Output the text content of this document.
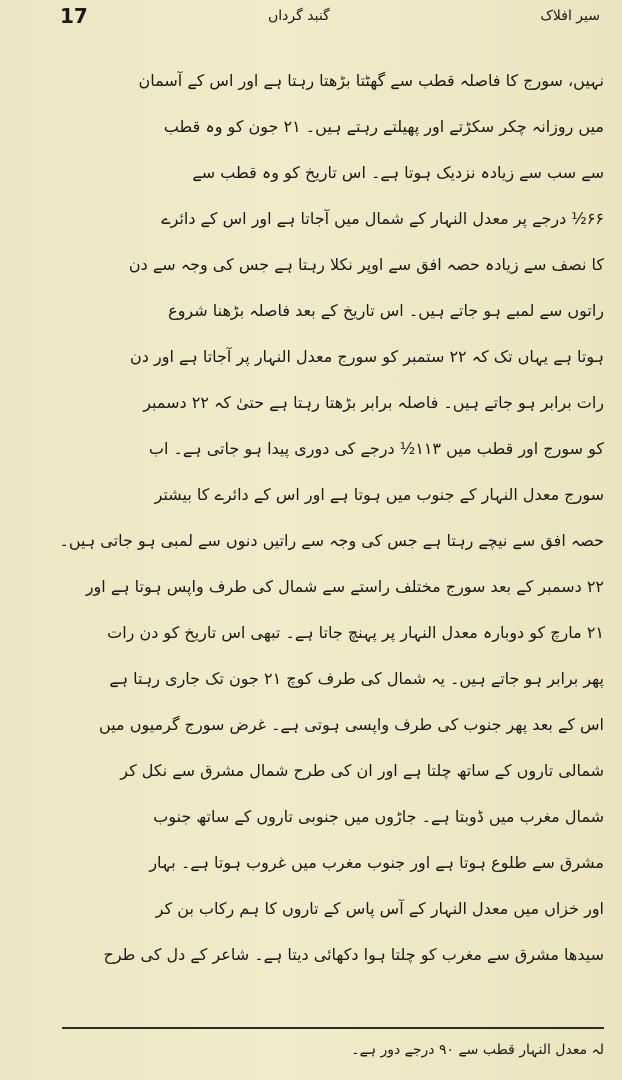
17	گنبد گرداں	سیر افلاک
نہیں، سورج کا فاصلہ قطب سے گھٹتا بڑھتا رہتا ہے اور اس کے آسمان
میں روزانہ چکر سکڑتے اور پھیلتے رہتے ہیں۔ ۲۱ جون کو وہ قطب
سے سب سے زیادہ نزدیک ہوتا ہے۔ اس تاریخ کو وہ قطب سے
۶۶½ درجے پر معدل النہار کے شمال میں آجاتا ہے اور اس کے دائرے
کا نصف سے زیادہ حصہ افق سے اوپر نکلا رہتا ہے جس کی وجہ سے دن
راتوں سے لمبے ہو جاتے ہیں۔ اس تاریخ کے بعد فاصلہ بڑھنا شروع
ہوتا ہے یہاں تک کہ ۲۲ ستمبر کو سورج معدل النہار پر آجاتا ہے اور دن
رات برابر ہو جاتے ہیں۔ فاصلہ برابر بڑھتا رہتا ہے حتیٰ کہ ۲۲ دسمبر
کو سورج اور قطب میں ۱۱۳½ درجے کی دوری پیدا ہو جاتی ہے۔ اب
سورج معدل النہار کے جنوب میں ہوتا ہے اور اس کے دائرے کا بیشتر
حصہ افق سے نیچے رہتا ہے جس کی وجہ سے راتیں دنوں سے لمبی ہو جاتی ہیں۔
۲۲ دسمبر کے بعد سورج مختلف راستے سے شمال کی طرف واپس ہوتا ہے اور
۲۱ مارچ کو دوبارہ معدل النہار پر پہنچ جاتا ہے۔ تبھی اس تاریخ کو دن رات
پھر برابر ہو جاتے ہیں۔ یہ شمال کی طرف کوچ ۲۱ جون تک جاری رہتا ہے
اس کے بعد پھر جنوب کی طرف واپسی ہوتی ہے۔ غرض سورج گرمیوں میں
شمالی تاروں کے ساتھ چلتا ہے اور ان کی طرح شمال مشرق سے نکل کر
شمال مغرب میں ڈوبتا ہے۔ جاڑوں میں جنوبی تاروں کے ساتھ جنوب
مشرق سے طلوع ہوتا ہے اور جنوب مغرب میں غروب ہوتا ہے۔ بہار
اور خزاں میں معدل النہار کے آس پاس کے تاروں کا ہم رکاب بن کر
سیدھا مشرق سے مغرب کو چلتا ہوا دکھائی دیتا ہے۔ شاعر کے دل کی طرح
لہ معدل النہار قطب سے ۹۰ درجے دور ہے۔
